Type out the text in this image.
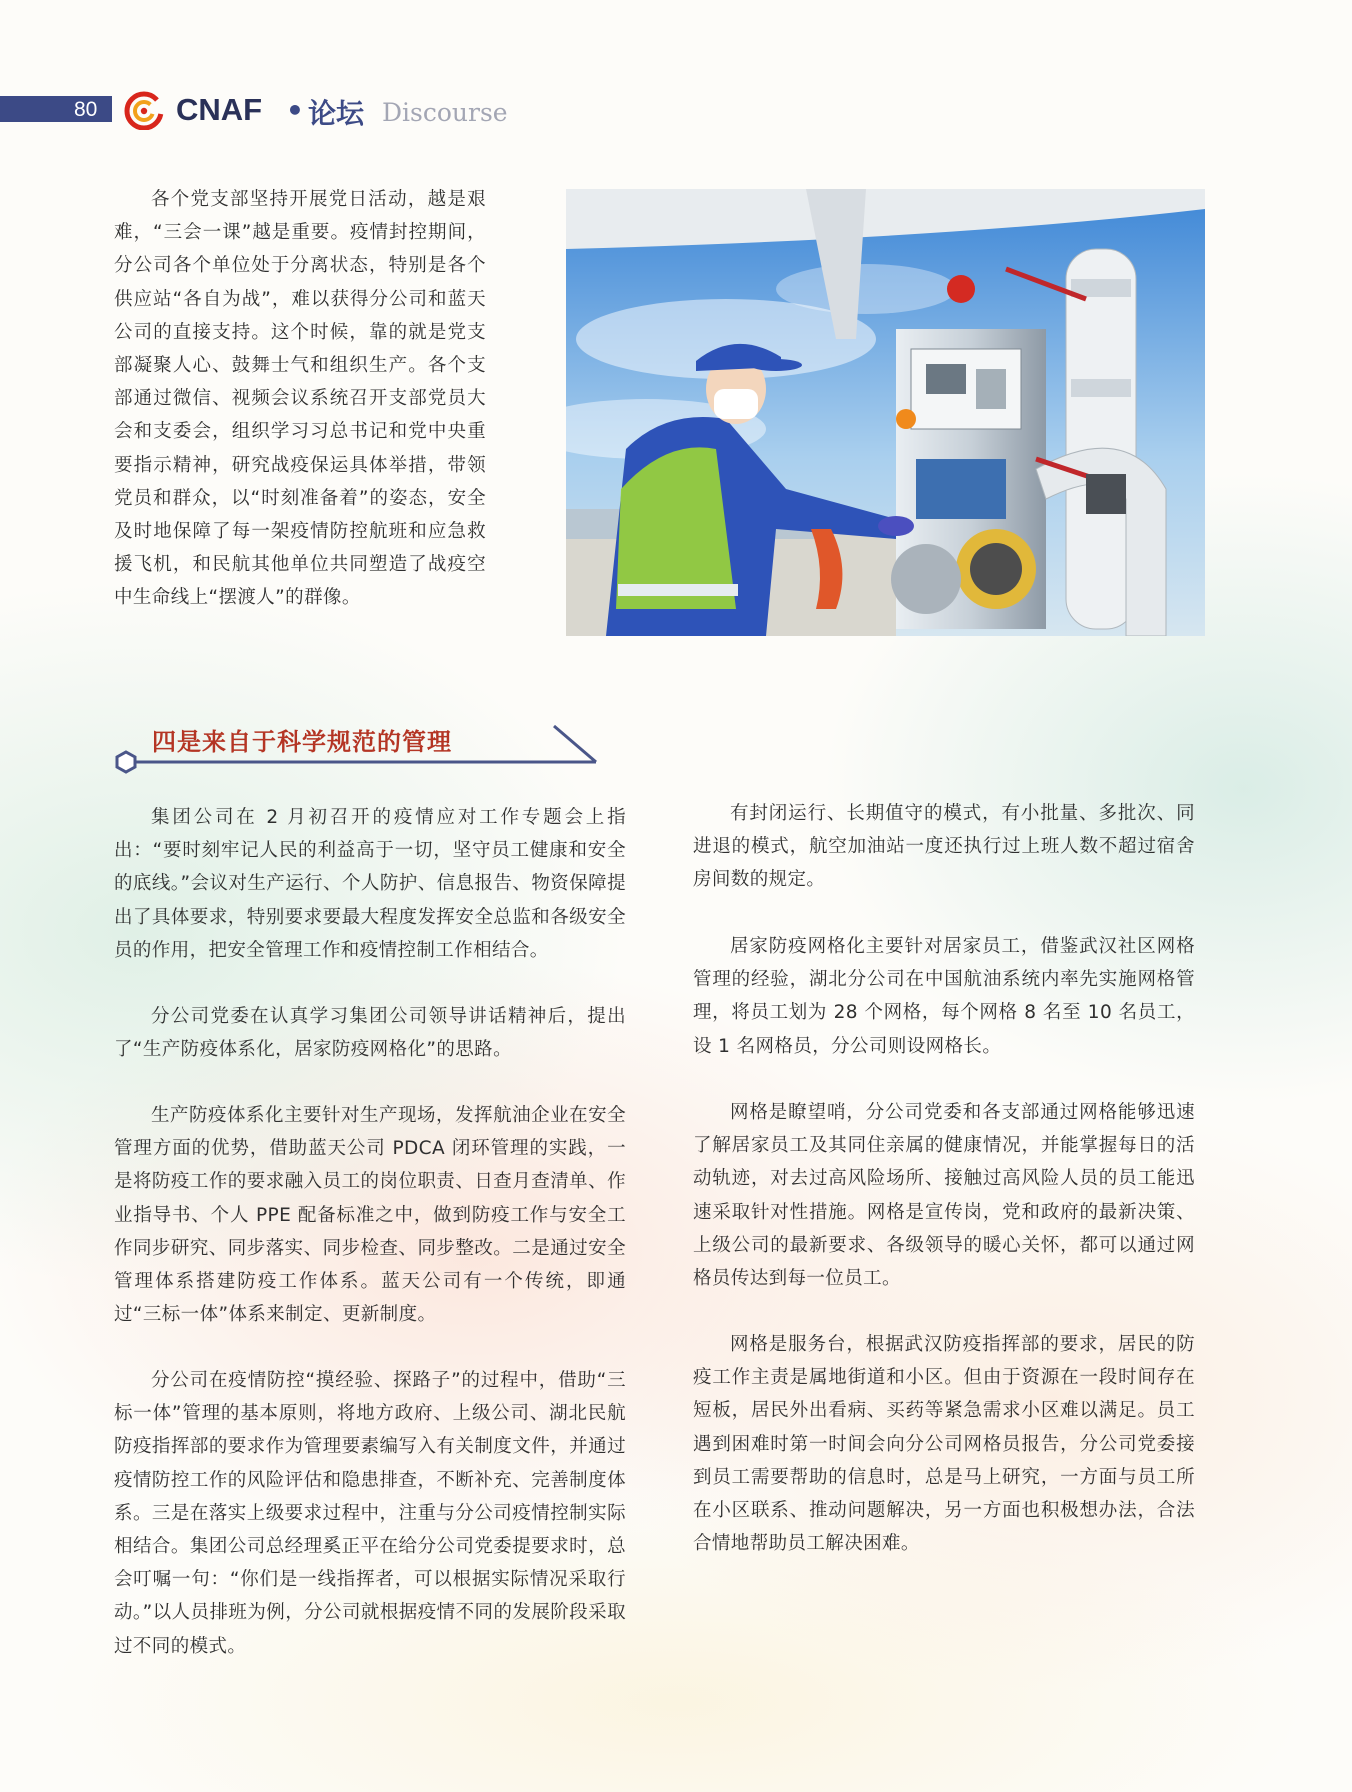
80	CNAF • 论坛 Discourse

各个党支部坚持开展党日活动，越是艰难，“三会一课”越是重要。疫情封控期间，分公司各个单位处于分离状态，特别是各个供应站“各自为战”，难以获得分公司和蓝天公司的直接支持。这个时候，靠的就是党支部凝聚人心、鼓舞士气和组织生产。各个支部通过微信、视频会议系统召开支部党员大会和支委会，组织学习习总书记和党中央重要指示精神，研究战疫保运具体举措，带领党员和群众，以“时刻准备着”的姿态，安全及时地保障了每一架疫情防控航班和应急救援飞机，和民航其他单位共同塑造了战疫空中生命线上“摆渡人”的群像。

四是来自于科学规范的管理

集团公司在 2 月初召开的疫情应对工作专题会上指出：“要时刻牢记人民的利益高于一切，坚守员工健康和安全的底线。”会议对生产运行、个人防护、信息报告、物资保障提出了具体要求，特别要求要最大程度发挥安全总监和各级安全员的作用，把安全管理工作和疫情控制工作相结合。

分公司党委在认真学习集团公司领导讲话精神后，提出了“生产防疫体系化，居家防疫网格化”的思路。

生产防疫体系化主要针对生产现场，发挥航油企业在安全管理方面的优势，借助蓝天公司 PDCA 闭环管理的实践，一是将防疫工作的要求融入员工的岗位职责、日查月查清单、作业指导书、个人 PPE 配备标准之中，做到防疫工作与安全工作同步研究、同步落实、同步检查、同步整改。二是通过安全管理体系搭建防疫工作体系。蓝天公司有一个传统，即通过“三标一体”体系来制定、更新制度。

分公司在疫情防控“摸经验、探路子”的过程中，借助“三标一体”管理的基本原则，将地方政府、上级公司、湖北民航防疫指挥部的要求作为管理要素编写入有关制度文件，并通过疫情防控工作的风险评估和隐患排查，不断补充、完善制度体系。三是在落实上级要求过程中，注重与分公司疫情控制实际相结合。集团公司总经理奚正平在给分公司党委提要求时，总会叮嘱一句：“你们是一线指挥者，可以根据实际情况采取行动。”以人员排班为例，分公司就根据疫情不同的发展阶段采取过不同的模式。

有封闭运行、长期值守的模式，有小批量、多批次、同进退的模式，航空加油站一度还执行过上班人数不超过宿舍房间数的规定。

居家防疫网格化主要针对居家员工，借鉴武汉社区网格管理的经验，湖北分公司在中国航油系统内率先实施网格管理，将员工划为 28 个网格，每个网格 8 名至 10 名员工，设 1 名网格员，分公司则设网格长。

网格是瞭望哨，分公司党委和各支部通过网格能够迅速了解居家员工及其同住亲属的健康情况，并能掌握每日的活动轨迹，对去过高风险场所、接触过高风险人员的员工能迅速采取针对性措施。网格是宣传岗，党和政府的最新决策、上级公司的最新要求、各级领导的暖心关怀，都可以通过网格员传达到每一位员工。

网格是服务台，根据武汉防疫指挥部的要求，居民的防疫工作主责是属地街道和小区。但由于资源在一段时间存在短板，居民外出看病、买药等紧急需求小区难以满足。员工遇到困难时第一时间会向分公司网格员报告，分公司党委接到员工需要帮助的信息时，总是马上研究，一方面与员工所在小区联系、推动问题解决，另一方面也积极想办法，合法合情地帮助员工解决困难。
